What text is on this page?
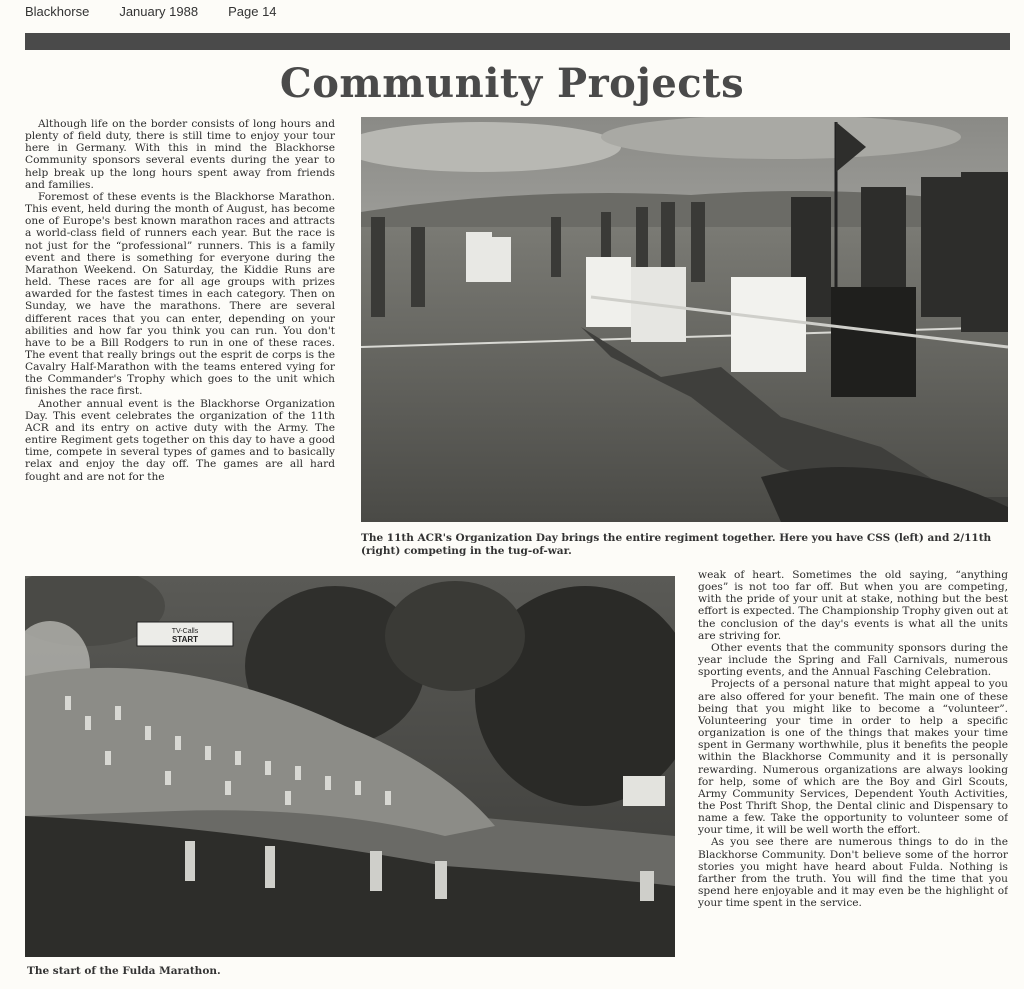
Blackhorse January 1988 Page 14
Community Projects

Although life on the border consists of long hours and plenty of field duty, there is still time to enjoy your tour here in Germany. With this in mind the Blackhorse Community sponsors several events during the year to help break up the long hours spent away from friends and families.

Foremost of these events is the Blackhorse Marathon. This event, held during the month of August, has become one of Europe's best known marathon races and attracts a world-class field of runners each year. But the race is not just for the “professional” runners. This is a family event and there is something for everyone during the Marathon Weekend. On Saturday, the Kiddie Runs are held. These races are for all age groups with prizes awarded for the fastest times in each category. Then on Sunday, we have the marathons. There are several different races that you can enter, depending on your abilities and how far you think you can run. You don't have to be a Bill Rodgers to run in one of these races. The event that really brings out the esprit de corps is the Cavalry Half-Marathon with the teams entered vying for the Commander's Trophy which goes to the unit which finishes the race first.

Another annual event is the Blackhorse Organization Day. This event celebrates the organization of the 11th ACR and its entry on active duty with the Army. The entire Regiment gets together on this day to have a good time, compete in several types of games and to basically relax and enjoy the day off. The games are all hard fought and are not for the

The 11th ACR's Organization Day brings the entire regiment together. Here you have CSS (left) and 2/11th (right) competing in the tug-of-war.
TV-Calls
START
The start of the Fulda Marathon.

weak of heart. Sometimes the old saying, “anything goes” is not too far off. But when you are competing, with the pride of your unit at stake, nothing but the best effort is expected. The Championship Trophy given out at the conclusion of the day's events is what all the units are striving for.

Other events that the community sponsors during the year include the Spring and Fall Carnivals, numerous sporting events, and the Annual Fasching Celebration.

Projects of a personal nature that might appeal to you are also offered for your benefit. The main one of these being that you might like to become a “volunteer”. Volunteering your time in order to help a specific organization is one of the things that makes your time spent in Germany worthwhile, plus it benefits the people within the Blackhorse Community and it is personally rewarding. Numerous organizations are always looking for help, some of which are the Boy and Girl Scouts, Army Community Services, Dependent Youth Activities, the Post Thrift Shop, the Dental clinic and Dispensary to name a few. Take the opportunity to volunteer some of your time, it will be well worth the effort.

As you see there are numerous things to do in the Blackhorse Community. Don't believe some of the horror stories you might have heard about Fulda. Nothing is farther from the truth. You will find the time that you spend here enjoyable and it may even be the highlight of your time spent in the service.
